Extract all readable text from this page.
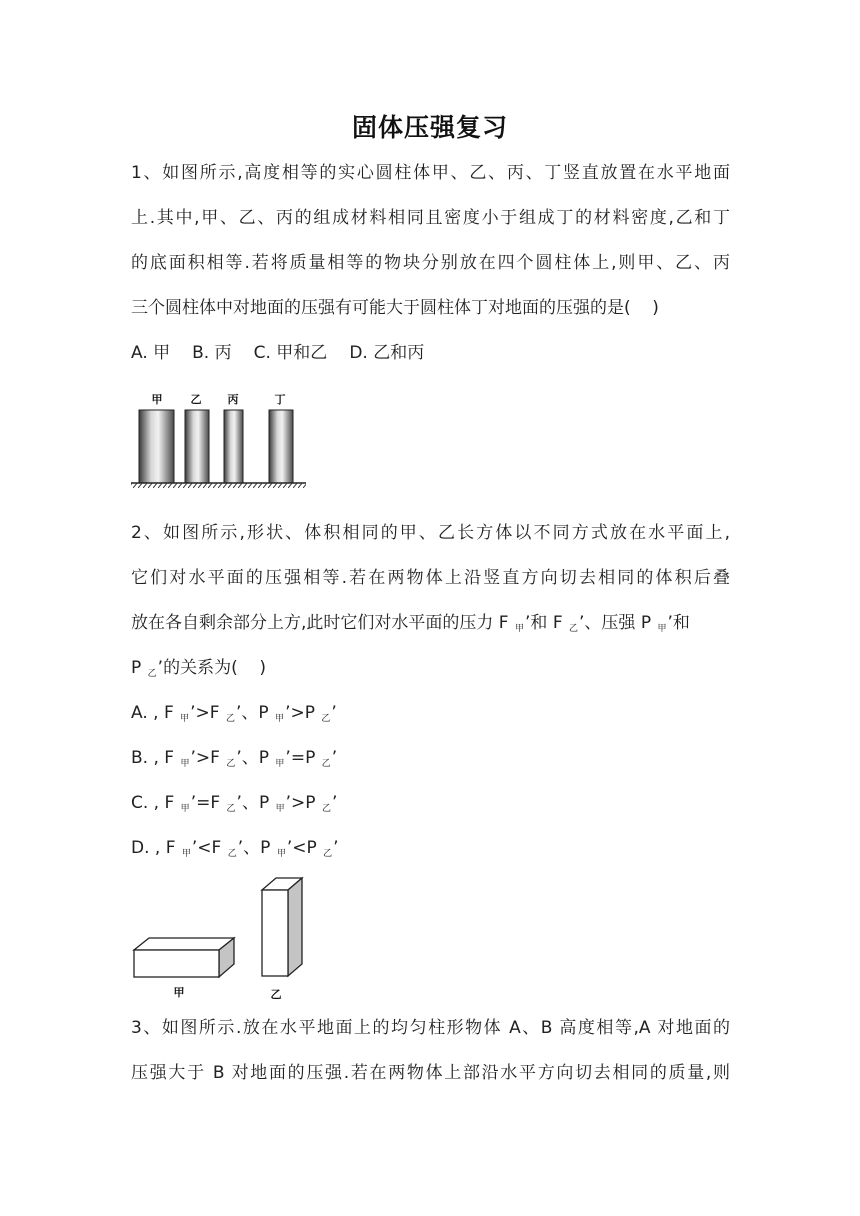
固体压强复习
1、如图所示,高度相等的实心圆柱体甲、乙、丙、丁竖直放置在水平地面
上.其中,甲、乙、丙的组成材料相同且密度小于组成丁的材料密度,乙和丁
的底面积相等.若将质量相等的物块分别放在四个圆柱体上,则甲、乙、丙
三个圆柱体中对地面的压强有可能大于圆柱体丁对地面的压强的是(    )
A. 甲 B. 丙 C. 甲和乙 D. 乙和丙
甲	乙 丙	丁
2、如图所示,形状、体积相同的甲、乙长方体以不同方式放在水平面上,
它们对水平面的压强相等.若在两物体上沿竖直方向切去相同的体积后叠
放在各自剩余部分上方,此时它们对水平面的压力 F $_甲$’和 F $_乙$’、压强 P $_甲$’和
P $_乙$’的关系为(    )
A. , F $_甲$’>F $_乙$’、P $_甲$’>P $_乙$’
B. , F $_甲$’>F $_乙$’、P $_甲$’=P $_乙$’
C. , F $_甲$’=F $_乙$’、P $_甲$’>P $_乙$’
D. , F $_甲$’<F $_乙$’、P $_甲$’<P $_乙$’
甲	乙
3、如图所示.放在水平地面上的均匀柱形物体 A、B 高度相等,A 对地面的
压强大于 B 对地面的压强.若在两物体上部沿水平方向切去相同的质量,则
